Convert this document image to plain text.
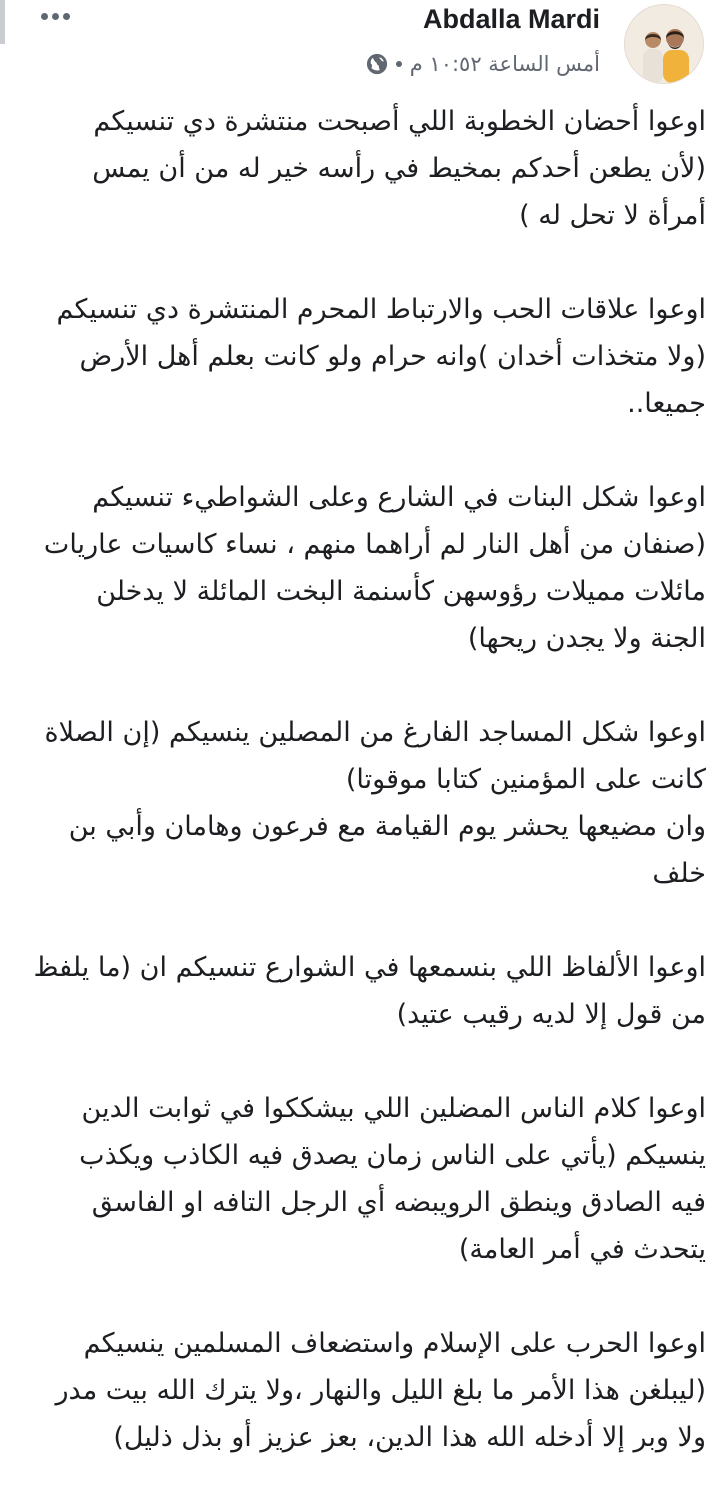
Abdalla Mardi
أمس الساعة ١٠:٥٢ م
اوعوا أحضان الخطوبة اللي أصبحت منتشرة دي تنسيكم
(لأن يطعن أحدكم بمخيط في رأسه خير له من أن يمس
أمرأة لا تحل له )
اوعوا علاقات الحب والارتباط المحرم المنتشرة دي تنسيكم
(ولا متخذات أخدان )وانه حرام ولو كانت بعلم أهل الأرض
جميعا..
اوعوا شكل البنات في الشارع وعلى الشواطيء تنسيكم
(صنفان من أهل النار لم أراهما منهم ، نساء كاسيات عاريات
مائلات مميلات رؤوسهن كأسنمة البخت المائلة لا يدخلن
الجنة ولا يجدن ريحها)
اوعوا شكل المساجد الفارغ من المصلين ينسيكم (إن الصلاة
كانت على المؤمنين كتابا موقوتا)
وان مضيعها يحشر يوم القيامة مع فرعون وهامان وأبي بن
خلف
اوعوا الألفاظ اللي بنسمعها في الشوارع تنسيكم ان (ما يلفظ
من قول إلا لديه رقيب عتيد)
اوعوا كلام الناس المضلين اللي بيشككوا في ثوابت الدين
ينسيكم (يأتي على الناس زمان يصدق فيه الكاذب ويكذب
فيه الصادق وينطق الرويبضه أي الرجل التافه او الفاسق
يتحدث في أمر العامة)
اوعوا الحرب على الإسلام واستضعاف المسلمين ينسيكم
(ليبلغن هذا الأمر ما بلغ الليل والنهار ،ولا يترك الله بيت مدر
ولا وبر إلا أدخله الله هذا الدين، بعز عزيز أو بذل ذليل)
